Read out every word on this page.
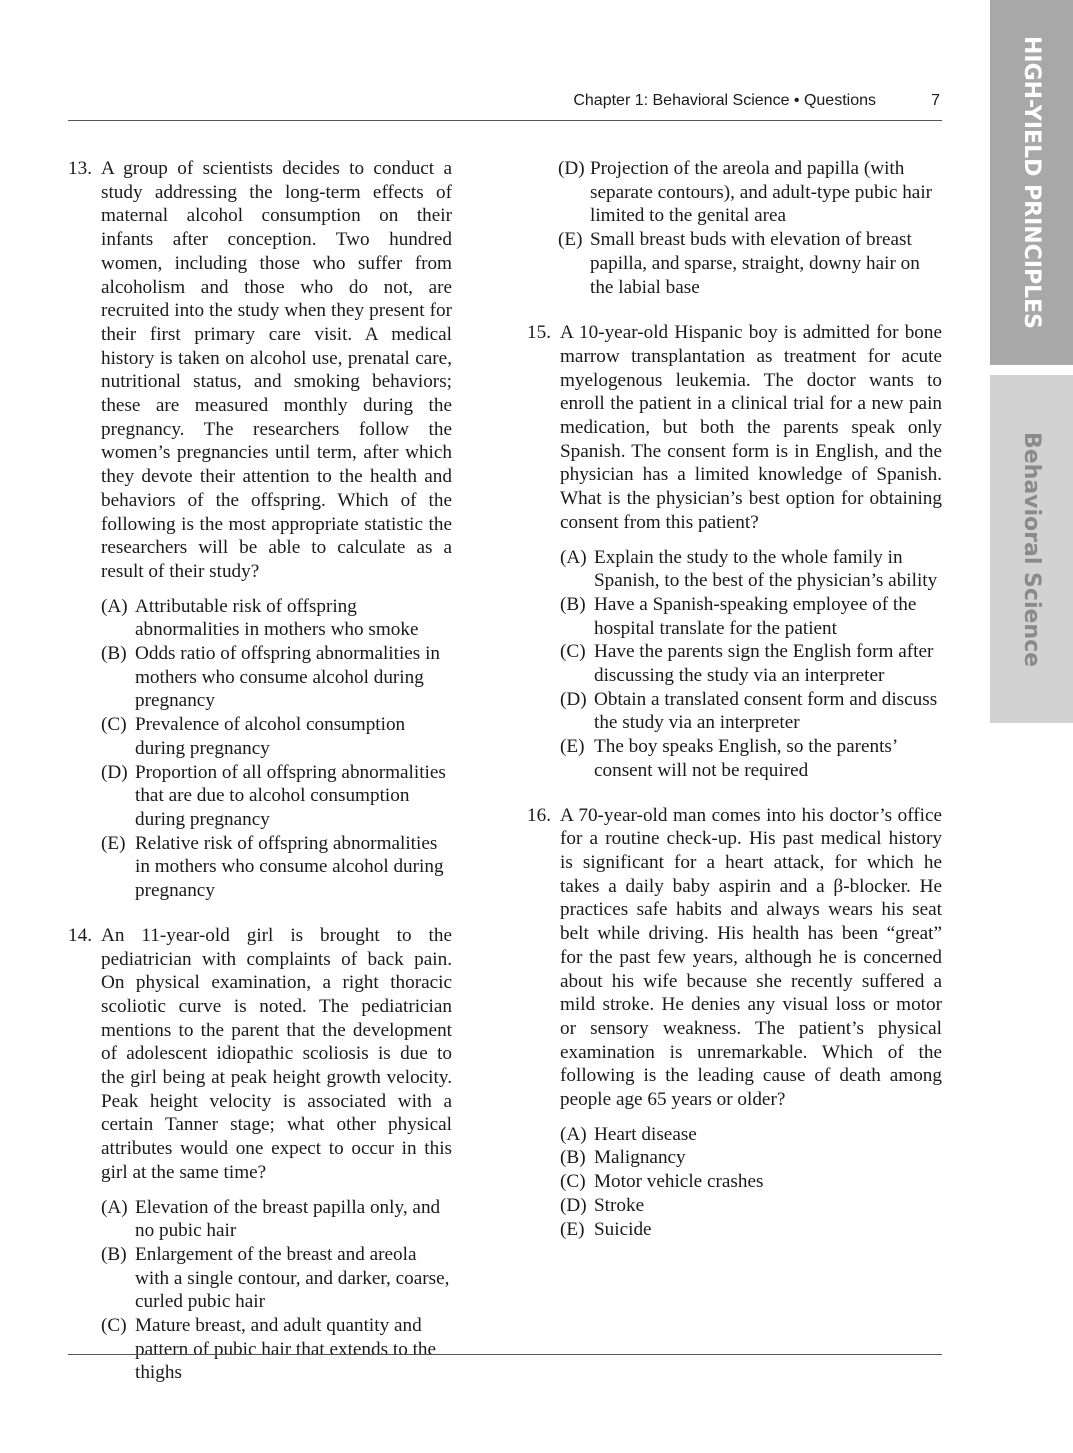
Chapter 1: Behavioral Science • Questions	7	HIGH-YIELD PRINCIPLES
Behavioral Science
13. A group of scientists decides to conduct a study addressing the long-term effects of maternal alcohol consumption on their infants after conception. Two hundred women, including those who suffer from alcoholism and those who do not, are recruited into the study when they present for their first primary care visit. A medical history is taken on alcohol use, prenatal care, nutritional status, and smoking behaviors; these are measured monthly during the pregnancy. The researchers follow the women’s pregnancies until term, after which they devote their attention to the health and behaviors of the offspring. Which of the following is the most appropriate statistic the researchers will be able to calculate as a result of their study?
(A) Attributable risk of offspring abnormalities in mothers who smoke
(B) Odds ratio of offspring abnormalities in mothers who consume alcohol during pregnancy
(C) Prevalence of alcohol consumption during pregnancy
(D) Proportion of all offspring abnormalities that are due to alcohol consumption during pregnancy
(E) Relative risk of offspring abnormalities in mothers who consume alcohol during pregnancy
14. An 11-year-old girl is brought to the pediatrician with complaints of back pain. On physical examination, a right thoracic scoliotic curve is noted. The pediatrician mentions to the parent that the development of adolescent idiopathic scoliosis is due to the girl being at peak height growth velocity. Peak height velocity is associated with a certain Tanner stage; what other physical attributes would one expect to occur in this girl at the same time?
(A) Elevation of the breast papilla only, and no pubic hair
(B) Enlargement of the breast and areola with a single contour, and darker, coarse, curled pubic hair
(C) Mature breast, and adult quantity and pattern of pubic hair that extends to the thighs
(D) Projection of the areola and papilla (with separate contours), and adult-type pubic hair limited to the genital area
(E) Small breast buds with elevation of breast papilla, and sparse, straight, downy hair on the labial base
15. A 10-year-old Hispanic boy is admitted for bone marrow transplantation as treatment for acute myelogenous leukemia. The doctor wants to enroll the patient in a clinical trial for a new pain medication, but both the parents speak only Spanish. The consent form is in English, and the physician has a limited knowledge of Spanish. What is the physician’s best option for obtaining consent from this patient?
(A) Explain the study to the whole family in Spanish, to the best of the physician’s ability
(B) Have a Spanish-speaking employee of the hospital translate for the patient
(C) Have the parents sign the English form after discussing the study via an interpreter
(D) Obtain a translated consent form and discuss the study via an interpreter
(E) The boy speaks English, so the parents’ consent will not be required
16. A 70-year-old man comes into his doctor’s office for a routine check-up. His past medical history is significant for a heart attack, for which he takes a daily baby aspirin and a β-blocker. He practices safe habits and always wears his seat belt while driving. His health has been “great” for the past few years, although he is concerned about his wife because she recently suffered a mild stroke. He denies any visual loss or motor or sensory weakness. The patient’s physical examination is unremarkable. Which of the following is the leading cause of death among people age 65 years or older?
(A) Heart disease
(B) Malignancy
(C) Motor vehicle crashes
(D) Stroke
(E) Suicide
